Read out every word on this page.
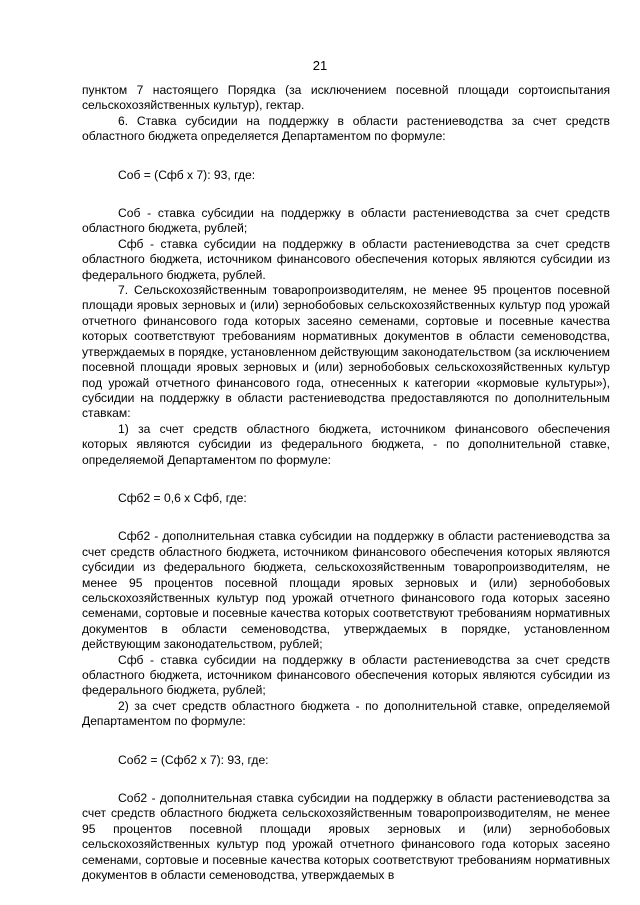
21

пунктом 7 настоящего Порядка (за исключением посевной площади сортоиспытания сельскохозяйственных культур), гектар.

6. Ставка субсидии на поддержку в области растениеводства за счет средств областного бюджета определяется Департаментом по формуле:

Соб = (Сфб х 7): 93, где:

Соб - ставка субсидии на поддержку в области растениеводства за счет средств областного бюджета, рублей;

Сфб - ставка субсидии на поддержку в области растениеводства за счет средств областного бюджета, источником финансового обеспечения которых являются субсидии из федерального бюджета, рублей.

7. Сельскохозяйственным товаропроизводителям, не менее 95 процентов посевной площади яровых зерновых и (или) зернобобовых сельскохозяйственных культур под урожай отчетного финансового года которых засеяно семенами, сортовые и посевные качества которых соответствуют требованиям нормативных документов в области семеноводства, утверждаемых в порядке, установленном действующим законодательством (за исключением посевной площади яровых зерновых и (или) зернобобовых сельскохозяйственных культур под урожай отчетного финансового года, отнесенных к категории «кормовые культуры»), субсидии на поддержку в области растениеводства предоставляются по дополнительным ставкам:

1) за счет средств областного бюджета, источником финансового обеспечения которых являются субсидии из федерального бюджета, - по дополнительной ставке, определяемой Департаментом по формуле:

Сфб2 = 0,6 х Сфб, где:

Сфб2 - дополнительная ставка субсидии на поддержку в области растениеводства за счет средств областного бюджета, источником финансового обеспечения которых являются субсидии из федерального бюджета, сельскохозяйственным товаропроизводителям, не менее 95 процентов посевной площади яровых зерновых и (или) зернобобовых сельскохозяйственных культур под урожай отчетного финансового года которых засеяно семенами, сортовые и посевные качества которых соответствуют требованиям нормативных документов в области семеноводства, утверждаемых в порядке, установленном действующим законодательством, рублей;

Сфб - ставка субсидии на поддержку в области растениеводства за счет средств областного бюджета, источником финансового обеспечения которых являются субсидии из федерального бюджета, рублей;

2) за счет средств областного бюджета - по дополнительной ставке, определяемой Департаментом по формуле:

Соб2 = (Сфб2 х 7): 93, где:

Соб2 - дополнительная ставка субсидии на поддержку в области растениеводства за счет средств областного бюджета сельскохозяйственным товаропроизводителям, не менее 95 процентов посевной площади яровых зерновых и (или) зернобобовых сельскохозяйственных культур под урожай отчетного финансового года которых засеяно семенами, сортовые и посевные качества которых соответствуют требованиям нормативных документов в области семеноводства, утверждаемых в
